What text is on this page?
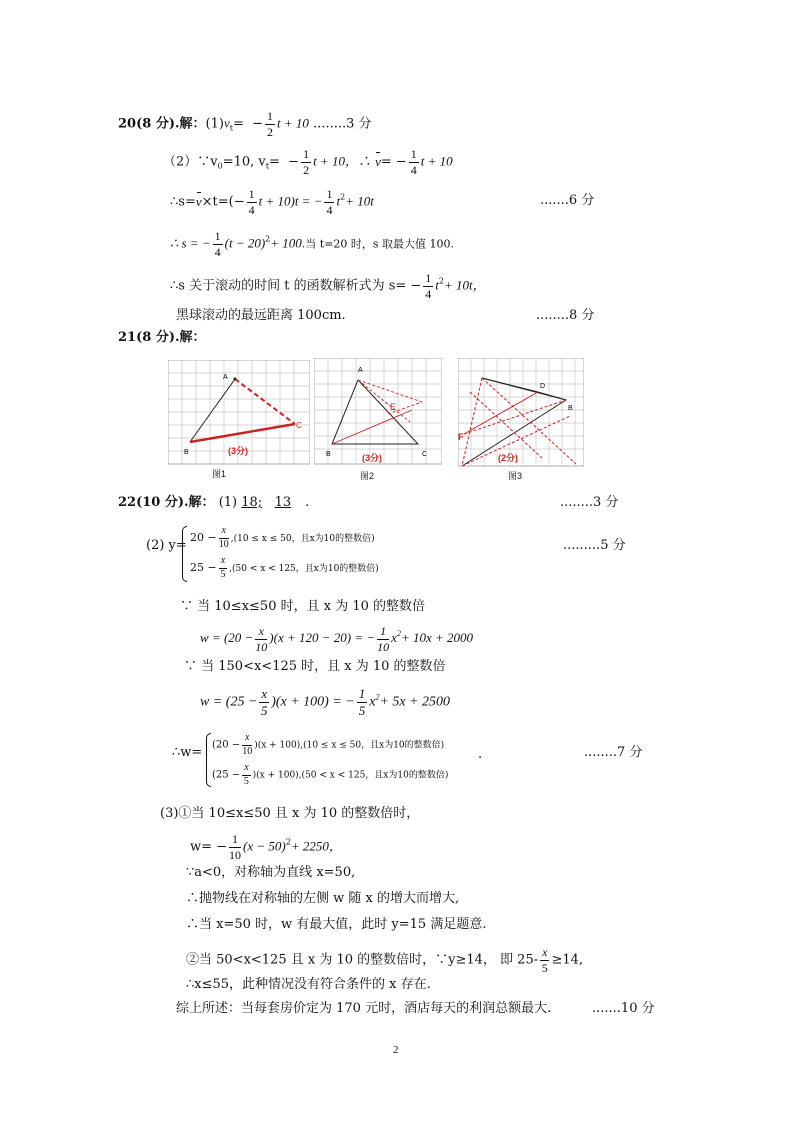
20(8 分).解：$(1)v_t= - \frac{1}{2}$ t + 10 ........3 分
$(2)\because v_0=10$, $v_t= - \frac{1}{2}$ t + 10，∴ $v= - \frac{1}{4}$ t + 10
∴s=v×t=(− $\frac{1}{4}$ t + 10)t = − $\frac{1}{4} t^2+ 10t$	.......6 分
∴ s = − $\frac{1}{4} (t - 20)^2+ 100$.当 t=20 时，s 取最大值 100.
∴s 关于滚动的时间 t 的函数解析式为 $s= - \frac{1}{4} t^2+ 10t$，
黑球滚动的最远距离 100cm.	........8 分
21(8 分).解：
A
B
C
(3分)
图1
A
E
B	C
(3分)
图2
D
B
F
(2分)
图3
22(10 分).解： (1) 18; 13 .	........3 分
(2) y=
$20 - \frac{x}{10} ,(10 \le x \le 50$，且x为10的整数倍)
$25 - \frac{x}{5} ,(50 < x < 125$，且x为10的整数倍)
.........5 分
∵ 当 10≤x≤50 时，且 x 为 10 的整数倍
$w = (20 - \frac{x}{10} )(x + 120 - 20)$ = − $\frac{1}{10} x^2+ 10x + 2000$
∵ 当 150<x<125 时，且 x 为 10 的整数倍
$w = (25 - \frac{x}{5} )(x + 100)$ = − $\frac{1}{5} x^2+ 5x + 2500$
∴w= $(20 - \frac{x}{10} )(x + 100),(10 \le x \le 50$，且x为10的整数倍)
$(25 - \frac{x}{5} )(x + 100),(50 < x < 125$，且x为10的整数倍)
.	........7 分
(3)①当 10≤x≤50 且 x 为 10 的整数倍时，
$w= - \frac{1}{10} (x - 50)^2+ 2250$，
∵a<0，对称轴为直线 x=50,
∴抛物线在对称轴的左侧 w 随 x 的增大而增大,
∴当 x=50 时，w 有最大值，此时 y=15 满足题意.
②当 50<x<125 且 x 为 10 的整数倍时，∵y≥14， 即 $25- \frac{x}{5} \ge 14$,
∴x≤55，此种情况没有符合条件的 x 存在.
综上所述：当每套房价定为 170 元时，酒店每天的利润总额最大.	.......10 分
2
